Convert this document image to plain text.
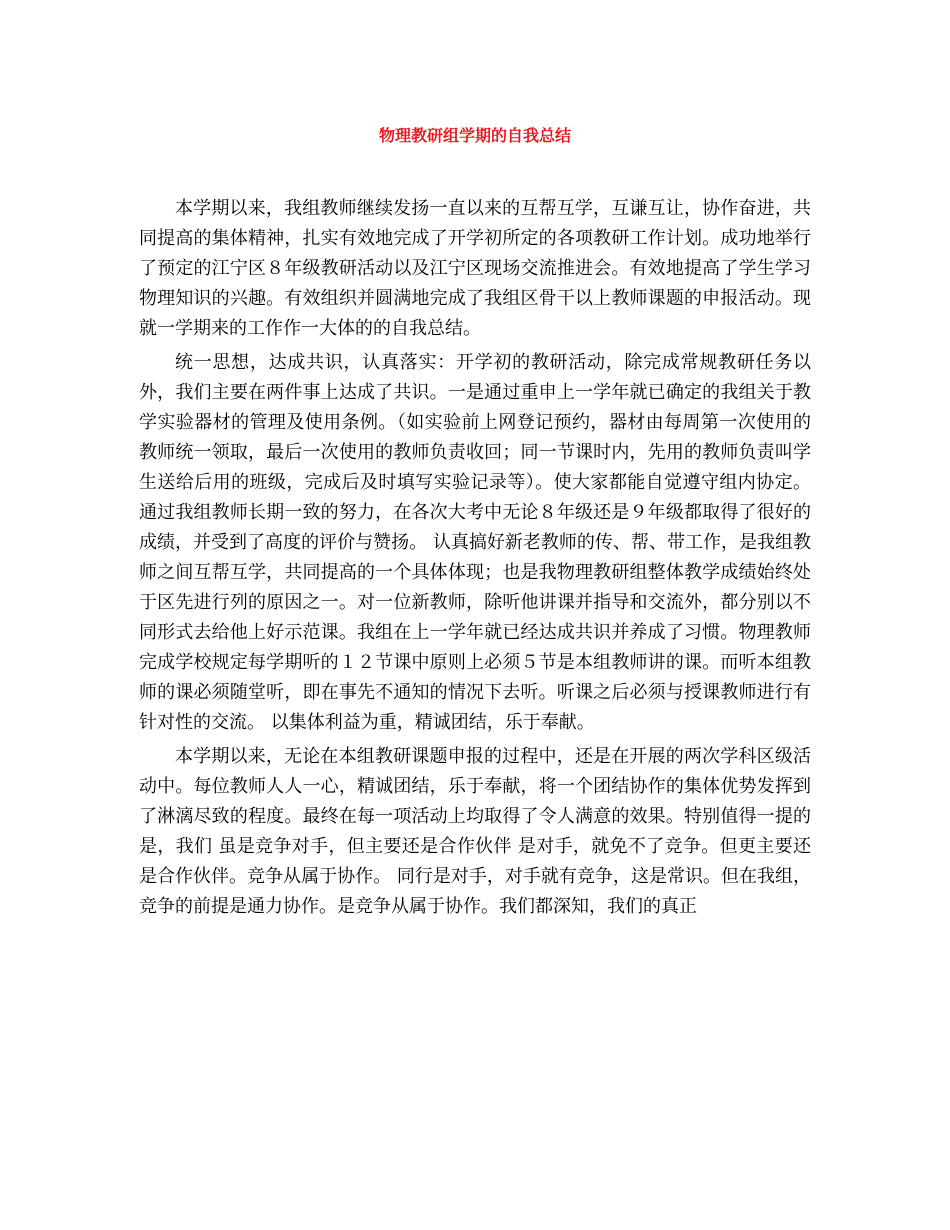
物理教研组学期的自我总结

本学期以来，我组教师继续发扬一直以来的互帮互学，互谦互让，协作奋进，共同提高的集体精神，扎实有效地完成了开学初所定的各项教研工作计划。成功地举行了预定的江宁区８年级教研活动以及江宁区现场交流推进会。有效地提高了学生学习物理知识的兴趣。有效组织并圆满地完成了我组区骨干以上教师课题的申报活动。现就一学期来的工作作一大体的的自我总结。

统一思想，达成共识，认真落实：开学初的教研活动，除完成常规教研任务以外，我们主要在两件事上达成了共识。一是通过重申上一学年就已确定的我组关于教学实验器材的管理及使用条例。（如实验前上网登记预约，器材由每周第一次使用的教师统一领取，最后一次使用的教师负责收回；同一节课时内，先用的教师负责叫学生送给后用的班级，完成后及时填写实验记录等）。使大家都能自觉遵守组内协定。通过我组教师长期一致的努力，在各次大考中无论８年级还是９年级都取得了很好的成绩，并受到了高度的评价与赞扬。 认真搞好新老教师的传、帮、带工作，是我组教师之间互帮互学，共同提高的一个具体体现；也是我物理教研组整体教学成绩始终处于区先进行列的原因之一。对一位新教师，除听他讲课并指导和交流外，都分别以不同形式去给他上好示范课。我组在上一学年就已经达成共识并养成了习惯。物理教师完成学校规定每学期听的１２节课中原则上必须５节是本组教师讲的课。而听本组教师的课必须随堂听，即在事先不通知的情况下去听。听课之后必须与授课教师进行有针对性的交流。 以集体利益为重，精诚团结，乐于奉献。

本学期以来，无论在本组教研课题申报的过程中，还是在开展的两次学科区级活动中。每位教师人人一心，精诚团结，乐于奉献，将一个团结协作的集体优势发挥到了淋漓尽致的程度。最终在每一项活动上均取得了令人满意的效果。特别值得一提的是，我们 虽是竞争对手，但主要还是合作伙伴 是对手，就免不了竞争。但更主要还是合作伙伴。竞争从属于协作。 同行是对手，对手就有竞争，这是常识。但在我组，竞争的前提是通力协作。是竞争从属于协作。我们都深知，我们的真正
